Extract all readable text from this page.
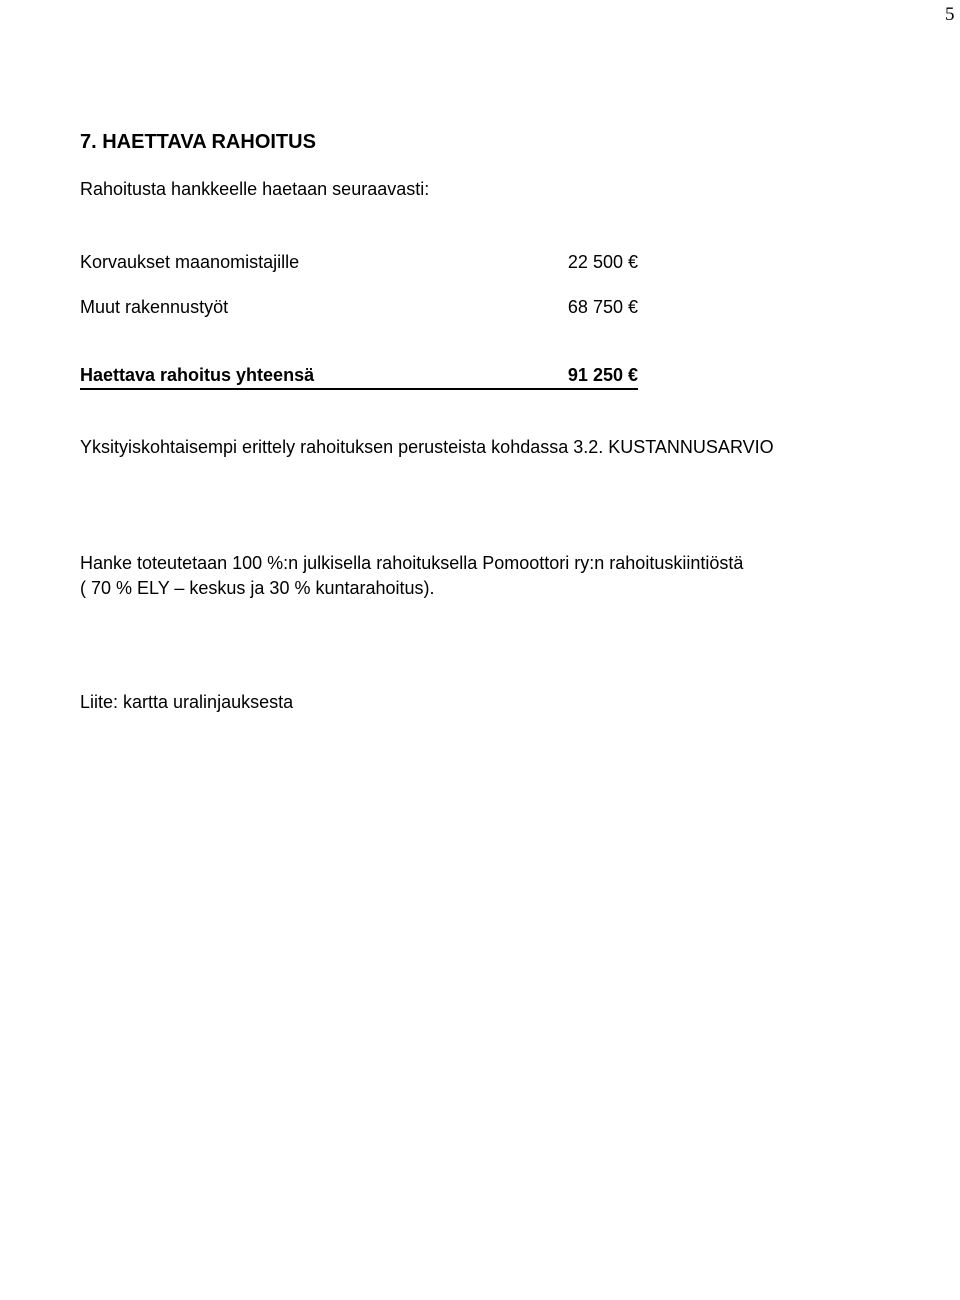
5
7. HAETTAVA RAHOITUS
Rahoitusta hankkeelle haetaan seuraavasti:
Korvaukset maanomistajille	22 500 €
Muut rakennustyöt	68 750 €
Haettava rahoitus yhteensä	91 250 €
Yksityiskohtaisempi erittely rahoituksen perusteista kohdassa 3.2. KUSTANNUSARVIO
Hanke toteutetaan 100 %:n julkisella rahoituksella Pomoottori ry:n rahoituskiintiöstä
( 70 % ELY – keskus ja 30 % kuntarahoitus).
Liite: kartta uralinjauksesta
